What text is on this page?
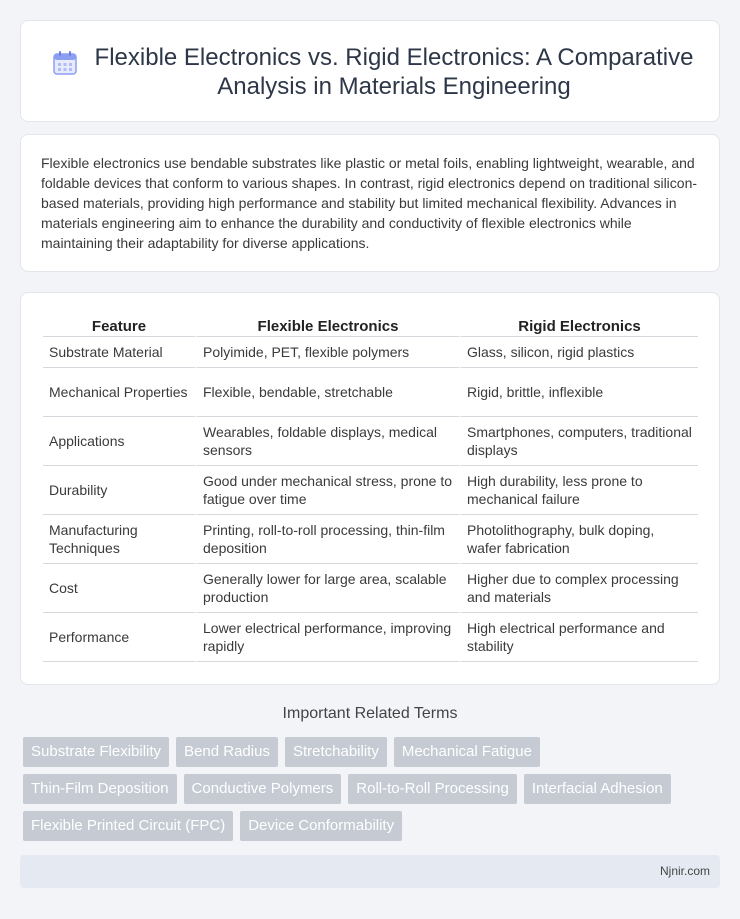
Flexible Electronics vs. Rigid Electronics: A Comparative Analysis in Materials Engineering

Flexible electronics use bendable substrates like plastic or metal foils, enabling lightweight, wearable, and foldable devices that conform to various shapes. In contrast, rigid electronics depend on traditional silicon-based materials, providing high performance and stability but limited mechanical flexibility. Advances in materials engineering aim to enhance the durability and conductivity of flexible electronics while maintaining their adaptability for diverse applications.

Feature	Flexible Electronics	Rigid Electronics
Substrate Material	Polyimide, PET, flexible polymers	Glass, silicon, rigid plastics
Mechanical Properties	Flexible, bendable, stretchable	Rigid, brittle, inflexible
Applications	Wearables, foldable displays, medical sensors	Smartphones, computers, traditional displays
Durability	Good under mechanical stress, prone to fatigue over time	High durability, less prone to mechanical failure
Manufacturing Techniques	Printing, roll-to-roll processing, thin-film deposition	Photolithography, bulk doping, wafer fabrication
Cost	Generally lower for large area, scalable production	Higher due to complex processing and materials
Performance	Lower electrical performance, improving rapidly	High electrical performance and stability
Important Related Terms
Substrate Flexibility	Bend Radius	Stretchability	Mechanical Fatigue
Thin-Film Deposition	Conductive Polymers	Roll-to-Roll Processing	Interfacial Adhesion
Flexible Printed Circuit (FPC)	Device Conformability
Njnir.com
